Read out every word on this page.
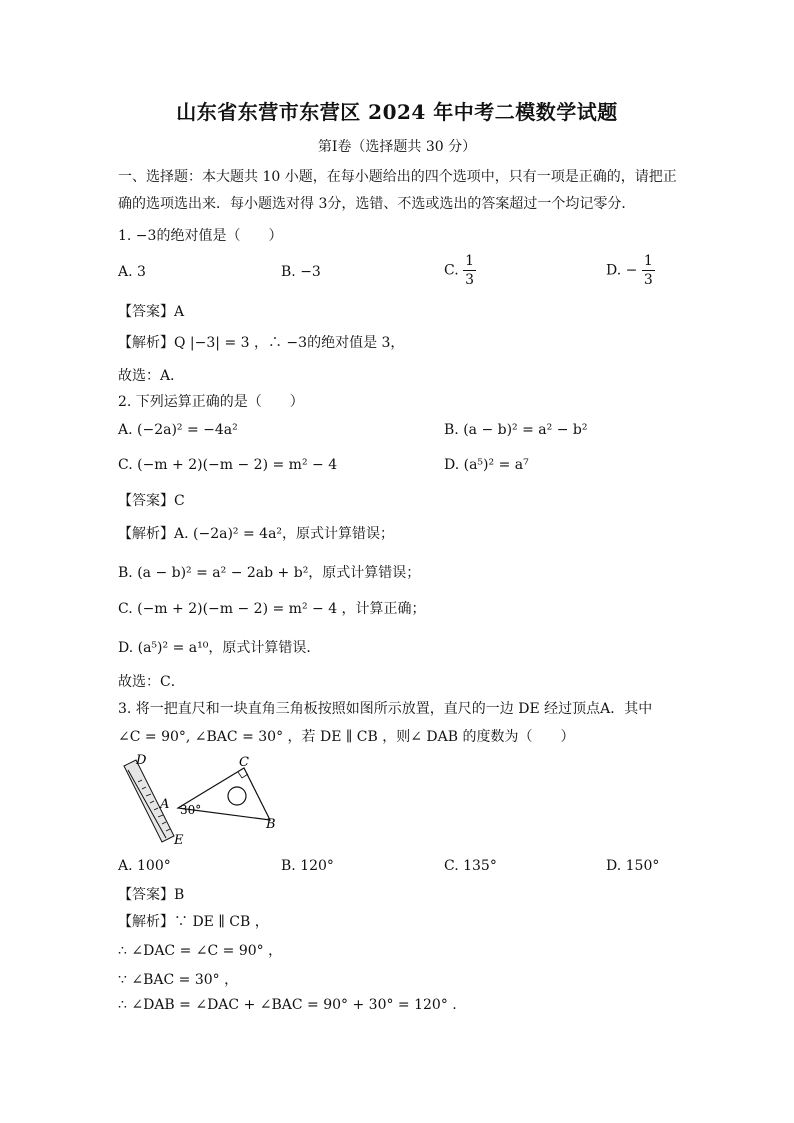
山东省东营市东营区 2024 年中考二模数学试题
第Ⅰ卷（选择题共 30 分）
一、选择题：本大题共 10 小题，在每小题给出的四个选项中，只有一项是正确的，请把正
确的选项选出来．每小题选对得 3分，选错、不选或选出的答案超过一个均记零分．
1. −3的绝对值是（　　）
A. 3	B. −3	C. $\frac{1}{3}$	D. − $\frac{1}{3}$
【答案】A
【解析】Q |−3| = 3 ，∴ −3的绝对值是 3，
故选：A．
2. 下列运算正确的是（　　）
A. (−2a)² = −4a²	B. (a − b)² = a² − b²
C. (−m + 2)(−m − 2) = m² − 4	D. (a⁵)² = a⁷
【答案】C
【解析】A. (−2a)² = 4a²，原式计算错误；
B. (a − b)² = a² − 2ab + b²，原式计算错误；
C. (−m + 2)(−m − 2) = m² − 4 ，计算正确；
D. (a⁵)² = a¹⁰，原式计算错误．
故选：C．
3. 将一把直尺和一块直角三角板按照如图所示放置，直尺的一边 DE 经过顶点A．其中
∠C = 90°, ∠BAC = 30° ，若 DE ∥ CB ，则∠ DAB 的度数为（　　）
D	C
A 30°
B
E
A. 100°	B. 120°	C. 135°	D. 150°
【答案】B
【解析】∵ DE ∥ CB ，
∴ ∠DAC = ∠C = 90° ，
∵ ∠BAC = 30° ，
∴ ∠DAB = ∠DAC + ∠BAC = 90° + 30° = 120° .
